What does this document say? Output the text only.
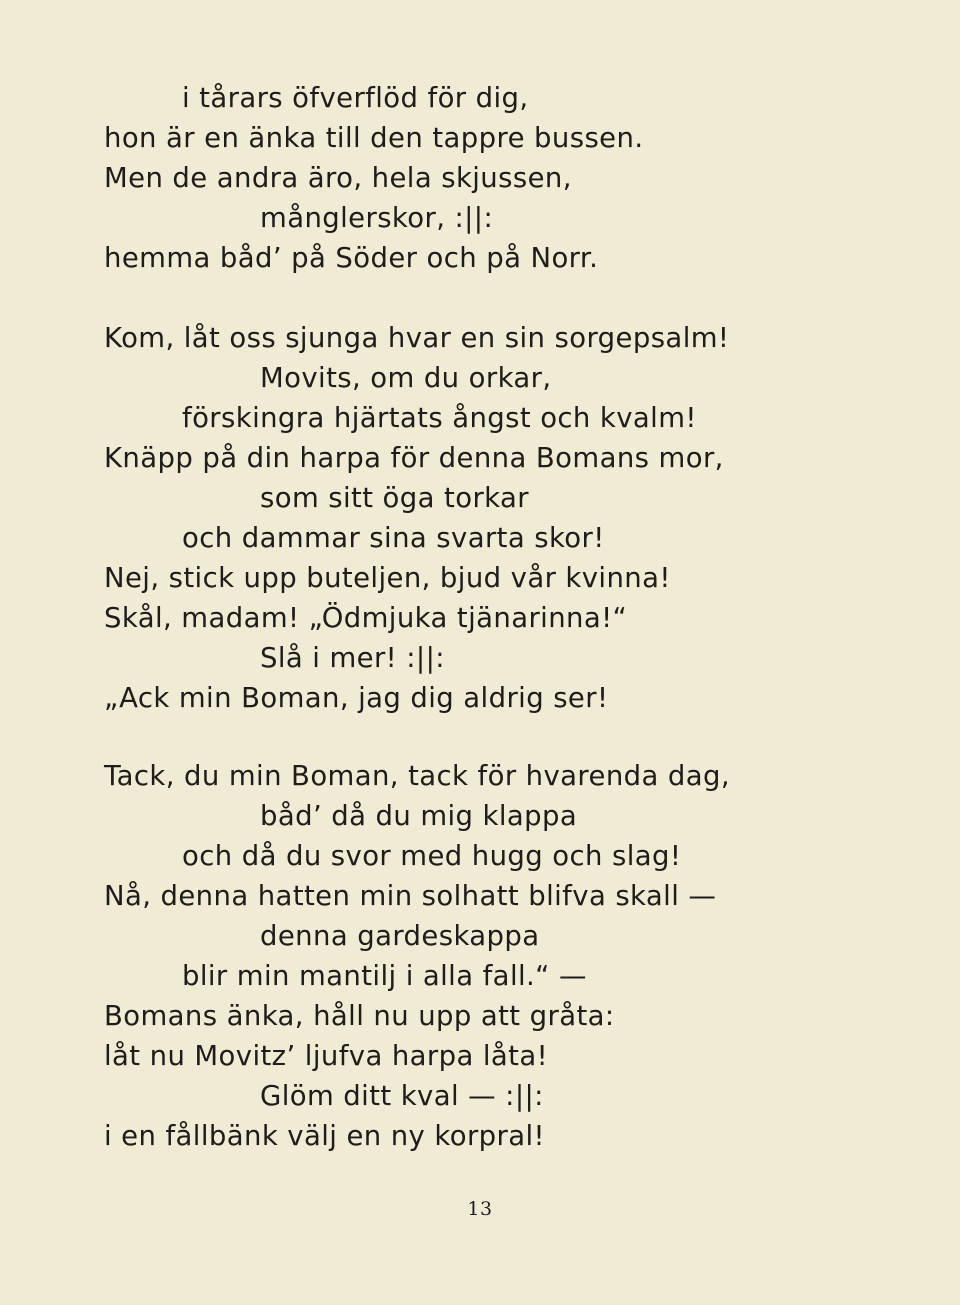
i tårars öfverflöd för dig,
hon är en änka till den tappre bussen.
Men de andra äro, hela skjussen,
månglerskor, :||:
hemma båd’ på Söder och på Norr.
Kom, låt oss sjunga hvar en sin sorgepsalm!
Movits, om du orkar,
förskingra hjärtats ångst och kvalm!
Knäpp på din harpa för denna Bomans mor,
som sitt öga torkar
och dammar sina svarta skor!
Nej, stick upp buteljen, bjud vår kvinna!
Skål, madam! „Ödmjuka tjänarinna!“
Slå i mer! :||:
„Ack min Boman, jag dig aldrig ser!
Tack, du min Boman, tack för hvarenda dag,
båd’ då du mig klappa
och då du svor med hugg och slag!
Nå, denna hatten min solhatt blifva skall —
denna gardeskappa
blir min mantilj i alla fall.“ —
Bomans änka, håll nu upp att gråta:
låt nu Movitz’ ljufva harpa låta!
Glöm ditt kval — :||:
i en fållbänk välj en ny korpral!
13
